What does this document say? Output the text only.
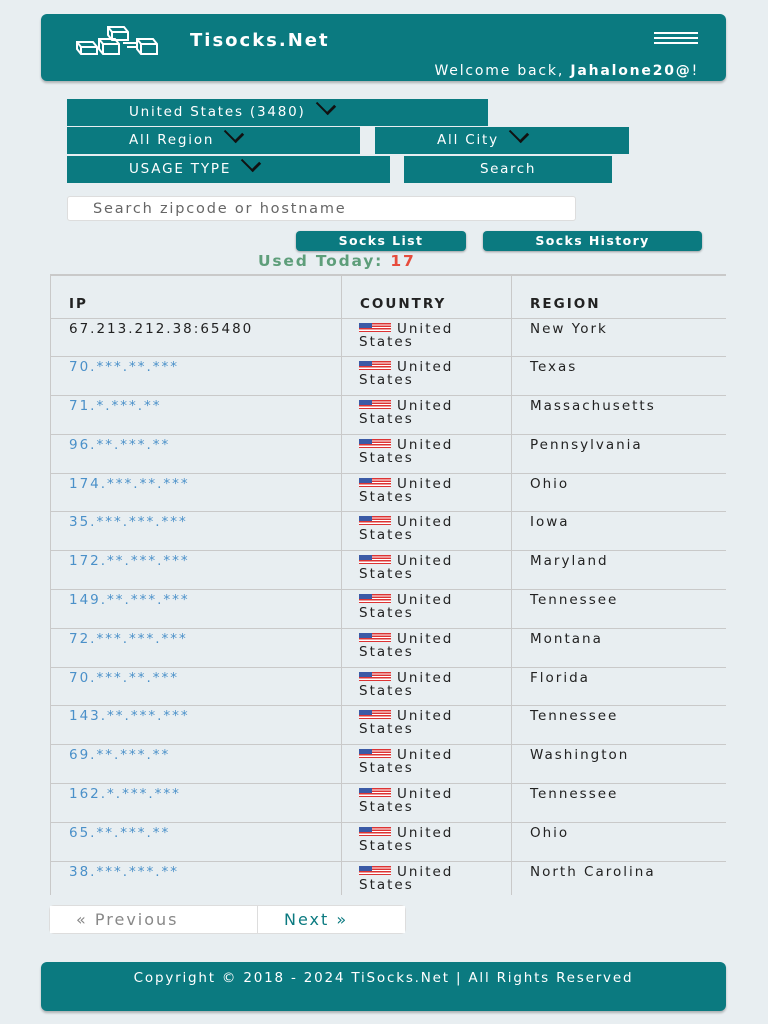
Tisocks.Net
Welcome back, Jahalone20@!
United States (3480)
All Region	All City
USAGE TYPE	Search
Search zipcode or hostname
Socks List	Socks History
Used Today: 17
IP	COUNTRY	REGION
67.213.212.38:65480	United States	New York
70.***.**.***	United States	Texas
71.*.***.**	United States	Massachusetts
96.**.***.**	United States	Pennsylvania
174.***.**.***	United States	Ohio
35.***.***.***	United States	Iowa
172.**.***.***	United States	Maryland
149.**.***.***	United States	Tennessee
72.***.***.***	United States	Montana
70.***.**.***	United States	Florida
143.**.***.***	United States	Tennessee
69.**.***.**	United States	Washington
162.*.***.***	United States	Tennessee
65.**.***.**	United States	Ohio
38.***.***.**	United States	North Carolina
« Previous	Next »
Copyright © 2018 - 2024 TiSocks.Net | All Rights Reserved
